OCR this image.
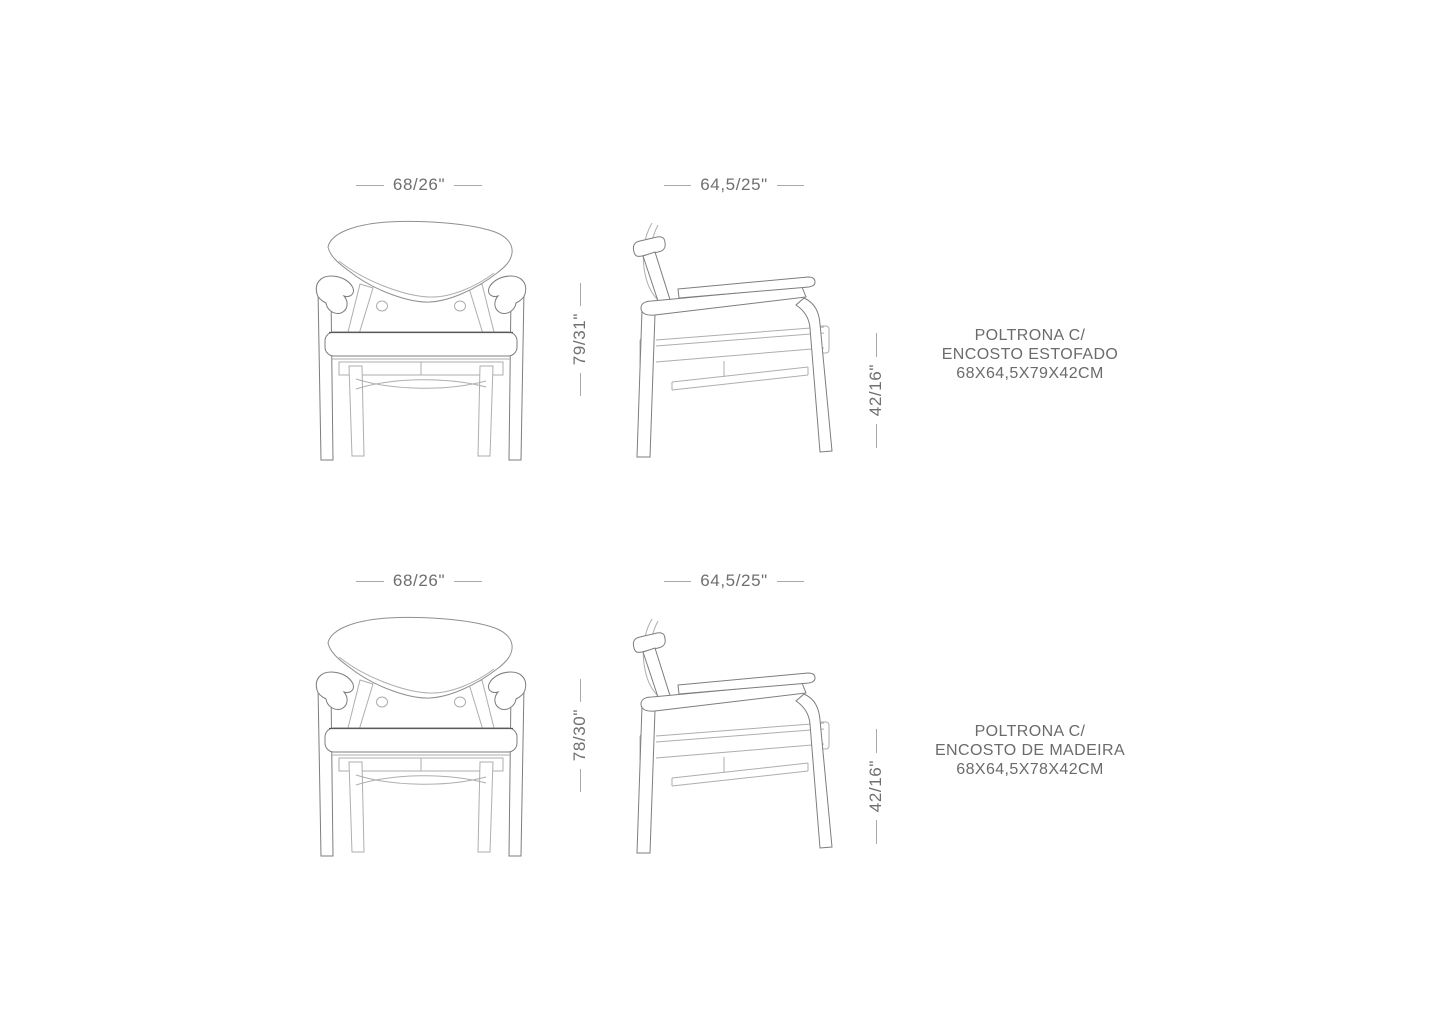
68/26"	64,5/25"
79/31"
42/16"
POLTRONA C/
ENCOSTO ESTOFADO
68X64,5X79X42CM
68/26"	64,5/25"
78/30"
42/16"
POLTRONA C/
ENCOSTO DE MADEIRA
68X64,5X78X42CM
